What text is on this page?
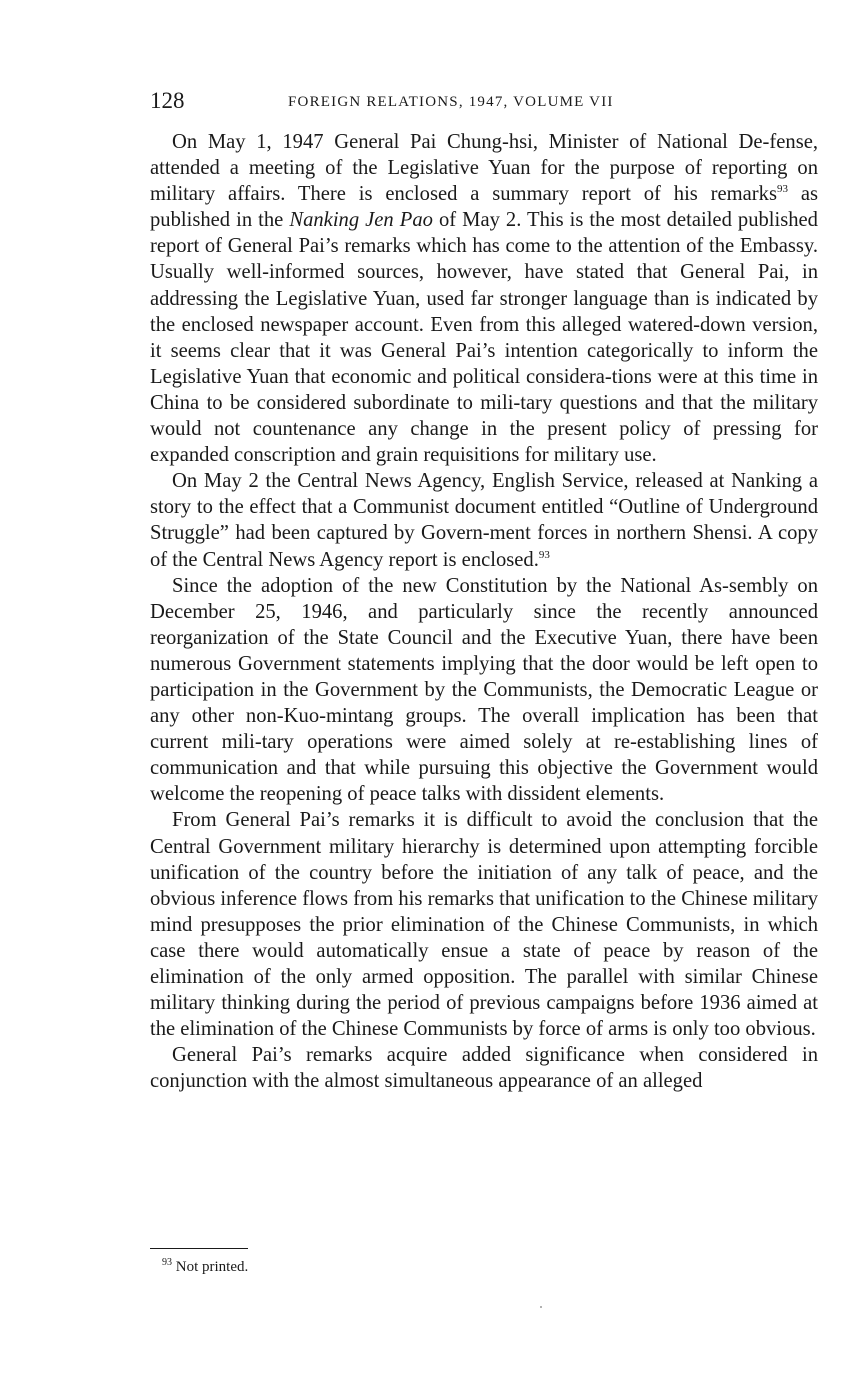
128	FOREIGN RELATIONS, 1947, VOLUME VII

On May 1, 1947 General Pai Chung-hsi, Minister of National De-fense, attended a meeting of the Legislative Yuan for the purpose of reporting on military affairs. There is enclosed a summary report of his remarks$^{93}$ as published in the Nanking Jen Pao of May 2. This is the most detailed published report of General Pai’s remarks which has come to the attention of the Embassy. Usually well-informed sources, however, have stated that General Pai, in addressing the Legislative Yuan, used far stronger language than is indicated by the enclosed newspaper account. Even from this alleged watered-down version, it seems clear that it was General Pai’s intention categorically to inform the Legislative Yuan that economic and political considera-tions were at this time in China to be considered subordinate to mili-tary questions and that the military would not countenance any change in the present policy of pressing for expanded conscription and grain requisitions for military use.

On May 2 the Central News Agency, English Service, released at Nanking a story to the effect that a Communist document entitled “Outline of Underground Struggle” had been captured by Govern-ment forces in northern Shensi. A copy of the Central News Agency report is enclosed.$^{93}$

Since the adoption of the new Constitution by the National As-sembly on December 25, 1946, and particularly since the recently announced reorganization of the State Council and the Executive Yuan, there have been numerous Government statements implying that the door would be left open to participation in the Government by the Communists, the Democratic League or any other non-Kuo-mintang groups. The overall implication has been that current mili-tary operations were aimed solely at re-establishing lines of communication and that while pursuing this objective the Government would welcome the reopening of peace talks with dissident elements.

From General Pai’s remarks it is difficult to avoid the conclusion that the Central Government military hierarchy is determined upon attempting forcible unification of the country before the initiation of any talk of peace, and the obvious inference flows from his remarks that unification to the Chinese military mind presupposes the prior elimination of the Chinese Communists, in which case there would automatically ensue a state of peace by reason of the elimination of the only armed opposition. The parallel with similar Chinese military thinking during the period of previous campaigns before 1936 aimed at the elimination of the Chinese Communists by force of arms is only too obvious.

General Pai’s remarks acquire added significance when considered in conjunction with the almost simultaneous appearance of an alleged

$^{93}$ Not printed.
